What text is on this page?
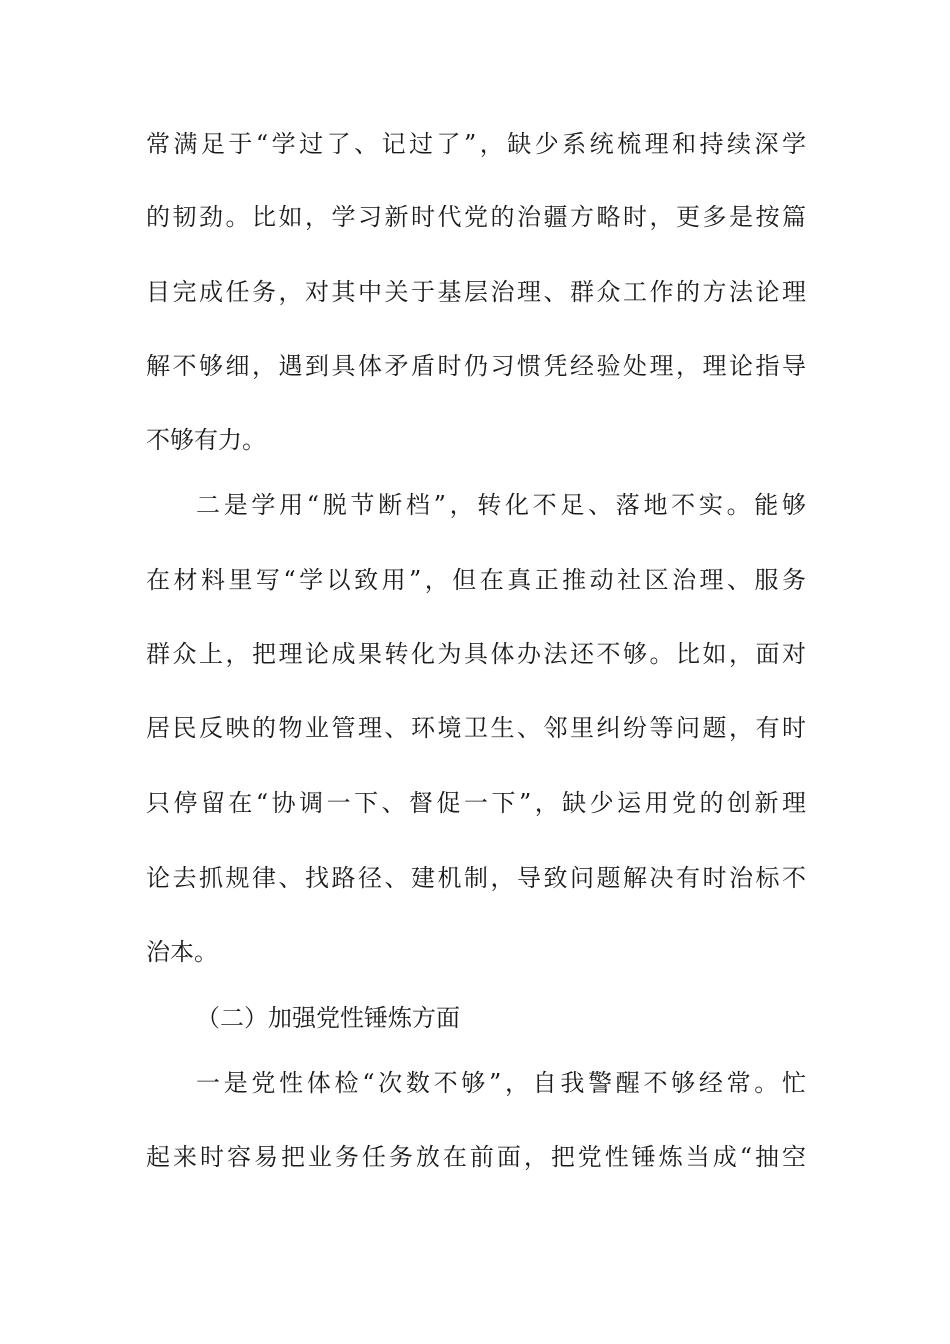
常满足于“学过了、记过了”，缺少系统梳理和持续深学
的韧劲。比如，学习新时代党的治疆方略时，更多是按篇
目完成任务，对其中关于基层治理、群众工作的方法论理
解不够细，遇到具体矛盾时仍习惯凭经验处理，理论指导
不够有力。
二是学用“脱节断档”，转化不足、落地不实。能够
在材料里写“学以致用”，但在真正推动社区治理、服务
群众上，把理论成果转化为具体办法还不够。比如，面对
居民反映的物业管理、环境卫生、邻里纠纷等问题，有时
只停留在“协调一下、督促一下”，缺少运用党的创新理
论去抓规律、找路径、建机制，导致问题解决有时治标不
治本。
（二）加强党性锤炼方面
一是党性体检“次数不够”，自我警醒不够经常。忙
起来时容易把业务任务放在前面，把党性锤炼当成“抽空
